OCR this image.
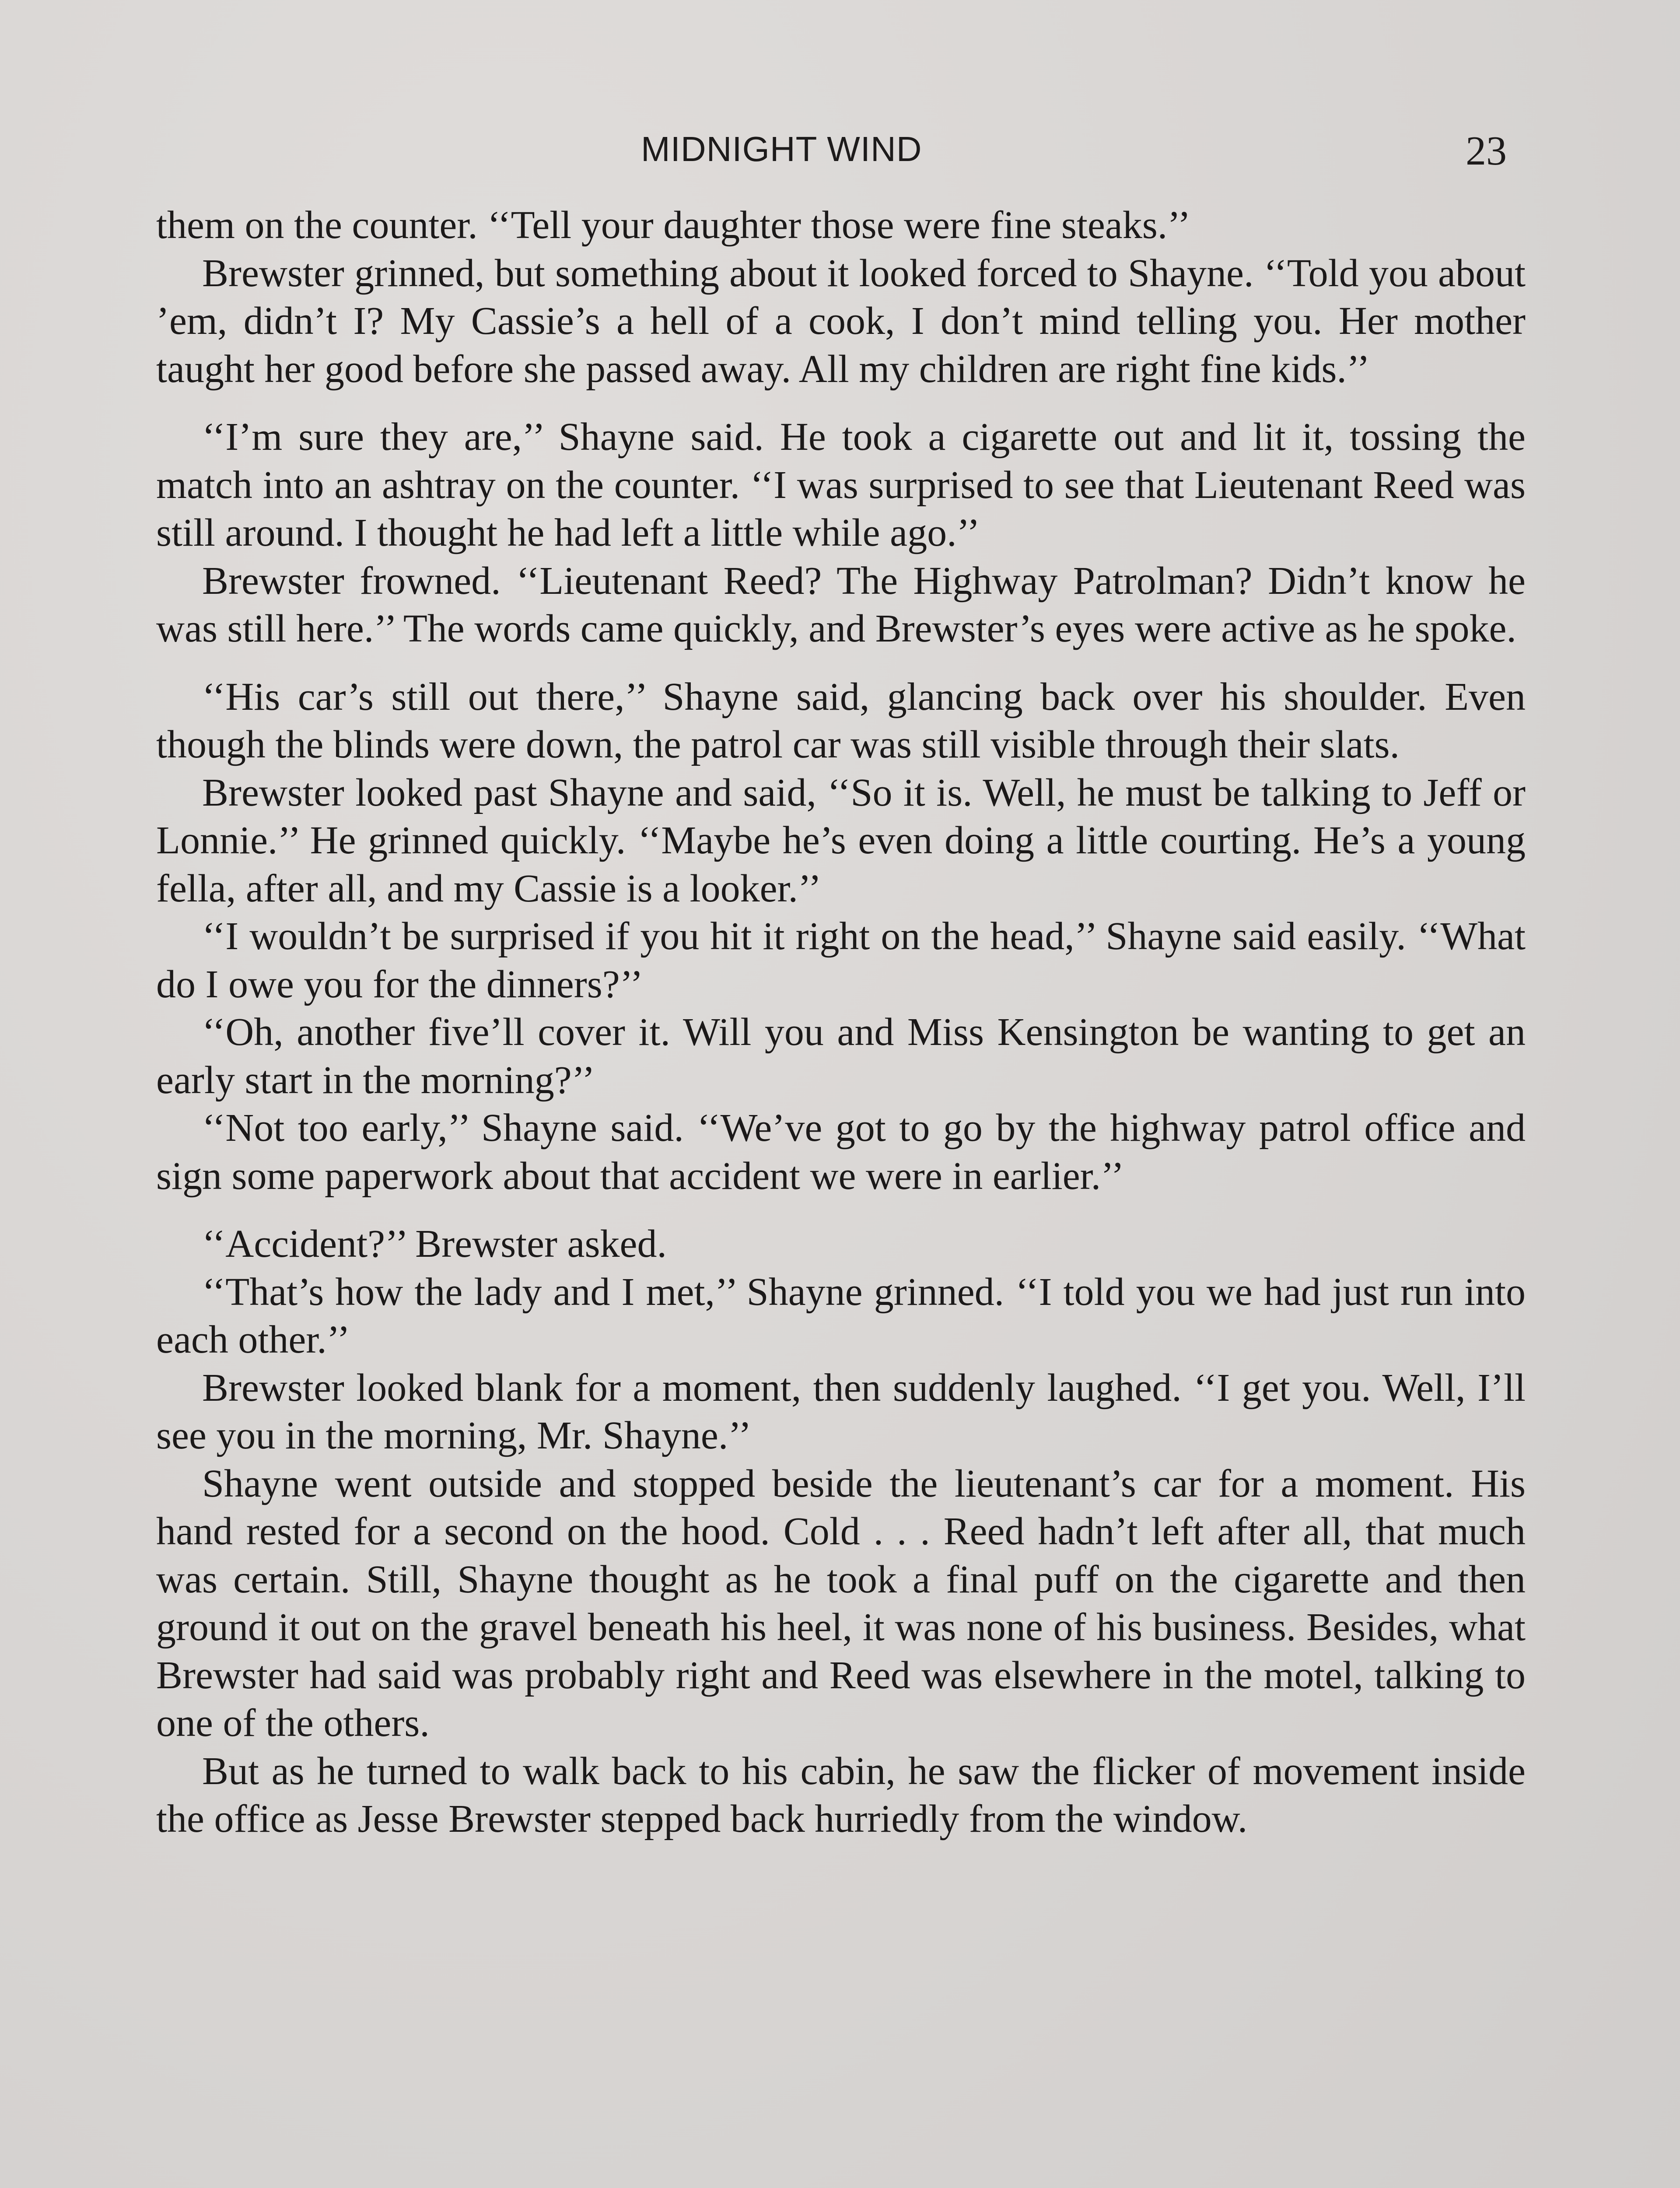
MIDNIGHT WIND	23

them on the counter. ‘‘Tell your daughter those were fine steaks.’’

Brewster grinned, but something about it looked forced to Shayne. ‘‘Told you about ’em, didn’t I? My Cassie’s a hell of a cook, I don’t mind telling you. Her mother taught her good before she passed away. All my children are right fine kids.’’

‘‘I’m sure they are,’’ Shayne said. He took a cigarette out and lit it, tossing the match into an ashtray on the counter. ‘‘I was surprised to see that Lieutenant Reed was still around. I thought he had left a little while ago.’’

Brewster frowned. ‘‘Lieutenant Reed? The Highway Patrolman? Didn’t know he was still here.’’ The words came quickly, and Brewster’s eyes were active as he spoke.

‘‘His car’s still out there,’’ Shayne said, glancing back over his shoulder. Even though the blinds were down, the patrol car was still visible through their slats.

Brewster looked past Shayne and said, ‘‘So it is. Well, he must be talking to Jeff or Lonnie.’’ He grinned quickly. ‘‘Maybe he’s even doing a little courting. He’s a young fella, after all, and my Cassie is a looker.’’

‘‘I wouldn’t be surprised if you hit it right on the head,’’ Shayne said easily. ‘‘What do I owe you for the dinners?’’

‘‘Oh, another five’ll cover it. Will you and Miss Kensington be wanting to get an early start in the morning?’’

‘‘Not too early,’’ Shayne said. ‘‘We’ve got to go by the highway patrol office and sign some paperwork about that accident we were in earlier.’’

‘‘Accident?’’ Brewster asked.

‘‘That’s how the lady and I met,’’ Shayne grinned. ‘‘I told you we had just run into each other.’’

Brewster looked blank for a moment, then suddenly laughed. ‘‘I get you. Well, I’ll see you in the morning, Mr. Shayne.’’

Shayne went outside and stopped beside the lieutenant’s car for a moment. His hand rested for a second on the hood. Cold . . . Reed hadn’t left after all, that much was certain. Still, Shayne thought as he took a final puff on the cigarette and then ground it out on the gravel beneath his heel, it was none of his business. Besides, what Brewster had said was probably right and Reed was elsewhere in the motel, talking to one of the others.

But as he turned to walk back to his cabin, he saw the flicker of movement inside the office as Jesse Brewster stepped back hurriedly from the window.
